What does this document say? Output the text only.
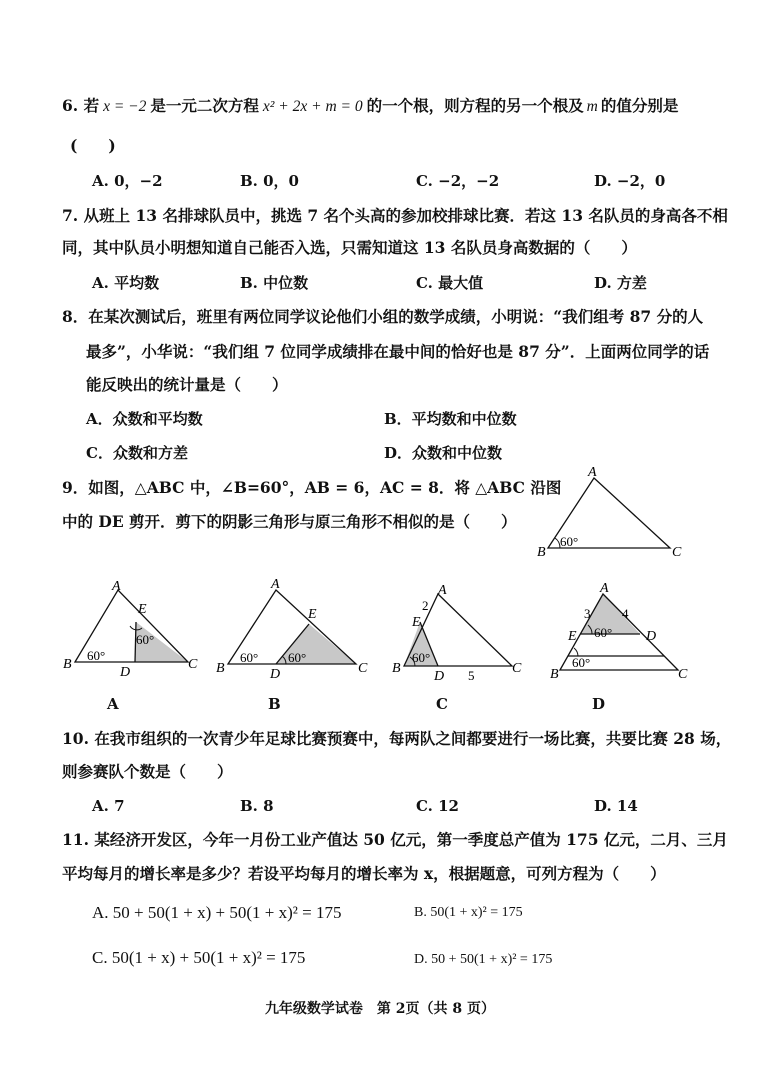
6. 若 x = −2 是一元二次方程 x² + 2x + m = 0 的一个根，则方程的另一个根及 m 的值分别是
(　　)
A. 0，−2	B. 0，0	C. −2，−2	D. −2，0
7. 从班上 13 名排球队员中，挑选 7 名个头高的参加校排球比赛．若这 13 名队员的身高各不相
同，其中队员小明想知道自己能否入选，只需知道这 13 名队员身高数据的（　　）
A. 平均数	B. 中位数	C. 最大值	D. 方差
8．在某次测试后，班里有两位同学议论他们小组的数学成绩，小明说：“我们组考 87 分的人
最多”，小华说：“我们组 7 位同学成绩排在最中间的恰好也是 87 分”．上面两位同学的话
能反映出的统计量是（　　）
A．众数和平均数	B．平均数和中位数
C．众数和方差	D．众数和中位数
9．如图，△ABC 中，∠B=60°，AB = 6，AC = 8．将 △ABC 沿图
中的 DE 剪开．剪下的阴影三角形与原三角形不相似的是（　　）
A
B	C
60°
A
E
B
D
C
60°
60°
A
A
E
B	D	C
60° 60°
B
A
2
E
B
D 5	C
60°
C
A
3 4
E	D
B	C
60°
60°
D
10. 在我市组织的一次青少年足球比赛预赛中，每两队之间都要进行一场比赛，共要比赛 28 场，
则参赛队个数是（　　）
A. 7	B. 8	C. 12	D. 14
11. 某经济开发区，今年一月份工业产值达 50 亿元，第一季度总产值为 175 亿元，二月、三月
平均每月的增长率是多少？若设平均每月的增长率为 x，根据题意，可列方程为（　　）
A. 50 + 50(1 + x) + 50(1 + x)² = 175	B. 50(1 + x)² = 175
C. 50(1 + x) + 50(1 + x)² = 175	D. 50 + 50(1 + x)² = 175
九年级数学试卷　第 2页（共 8 页）
